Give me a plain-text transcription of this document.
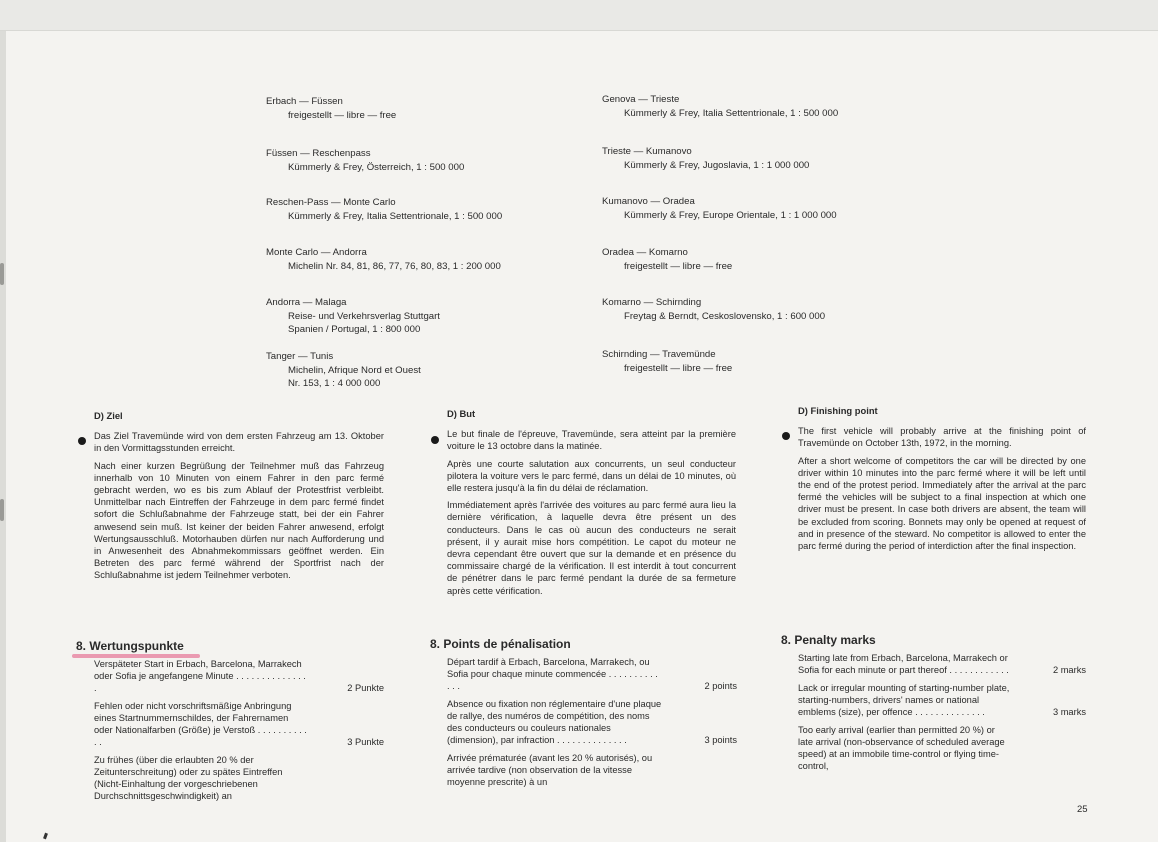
Erbach — Füssen
freigestellt — libre — free
Füssen — Reschenpass
Kümmerly & Frey, Österreich, 1 : 500 000
Reschen-Pass — Monte Carlo
Kümmerly & Frey, Italia Settentrionale, 1 : 500 000
Monte Carlo — Andorra
Michelin Nr. 84, 81, 86, 77, 76, 80, 83, 1 : 200 000
Andorra — Malaga
Reise- und Verkehrsverlag Stuttgart
Spanien / Portugal, 1 : 800 000
Tanger — Tunis
Michelin, Afrique Nord et Ouest
Nr. 153, 1 : 4 000 000
Genova — Trieste
Kümmerly & Frey, Italia Settentrionale, 1 : 500 000
Trieste — Kumanovo
Kümmerly & Frey, Jugoslavia, 1 : 1 000 000
Kumanovo — Oradea
Kümmerly & Frey, Europe Orientale, 1 : 1 000 000
Oradea — Komarno
freigestellt — libre — free
Komarno — Schirnding
Freytag & Berndt, Ceskoslovensko, 1 : 600 000
Schirnding — Travemünde
freigestellt — libre — free
D) Ziel

Das Ziel Travemünde wird von dem ersten Fahrzeug am 13. Oktober in den Vormittagsstunden erreicht.

Nach einer kurzen Begrüßung der Teilnehmer muß das Fahrzeug innerhalb von 10 Minuten von einem Fahrer in den parc fermé gebracht werden, wo es bis zum Ablauf der Protestfrist verbleibt. Unmittelbar nach Eintreffen der Fahrzeuge in dem parc fermé findet sofort die Schlußabnahme der Fahrzeuge statt, bei der ein Fahrer anwesend sein muß. Ist keiner der beiden Fahrer anwesend, erfolgt Wertungsausschluß. Motorhauben dürfen nur nach Aufforderung und in Anwesenheit des Abnahmekommissars geöffnet werden. Ein Betreten des parc fermé während der Sportfrist nach der Schlußabnahme ist jedem Teilnehmer verboten.

D) But

Le but finale de l'épreuve, Travemünde, sera atteint par la première voiture le 13 octobre dans la matinée.

Après une courte salutation aux concurrents, un seul conducteur pilotera la voiture vers le parc fermé, dans un délai de 10 minutes, où elle restera jusqu'à la fin du délai de réclamation.

Immédiatement après l'arrivée des voitures au parc fermé aura lieu la dernière vérification, à laquelle devra être présent un des conducteurs. Dans le cas où aucun des conducteurs ne serait présent, il y aurait mise hors compétition. Le capot du moteur ne devra cependant être ouvert que sur la demande et en présence du commissaire chargé de la vérification. Il est interdit à tout concurrent de pénétrer dans le parc fermé pendant la durée de sa fermeture après cette vérification.

D) Finishing point

The first vehicle will probably arrive at the finishing point of Travemünde on October 13th, 1972, in the morning.

After a short welcome of competitors the car will be directed by one driver within 10 minutes into the parc fermé where it will be left until the end of the protest period. Immediately after the arrival at the parc fermé the vehicles will be subject to a final inspection at which one driver must be present. In case both drivers are absent, the team will be excluded from scoring. Bonnets may only be opened at request of and in presence of the steward. No competitor is allowed to enter the parc fermé during the period of interdiction after the final inspection.

8. Wertungspunkte	8. Points de pénalisation	8. Penalty marks
Verspäteter Start in Erbach, Barcelona, Marrakech oder Sofia je angefangene Minute . . . . . . . . . . . . . . .	2 Punkte
Fehlen oder nicht vorschriftsmäßige Anbringung eines Startnummernschildes, der Fahrernamen oder Nationalfarben (Größe) je Verstoß . . . . . . . . . . . .	3 Punkte
Zu frühes (über die erlaubten 20 % der Zeitunterschreitung) oder zu spätes Eintreffen (Nicht-Einhaltung der vorgeschriebenen Durchschnittsgeschwindigkeit) an
Départ tardif à Erbach, Barcelona, Marrakech, ou Sofia pour chaque minute commencée . . . . . . . . . . . . .	2 points
Absence ou fixation non réglementaire d'une plaque de rallye, des numéros de compétition, des noms des conducteurs ou couleurs nationales (dimension), par infraction . . . . . . . . . . . . . .	3 points
Arrivée prématurée (avant les 20 % autorisés), ou arrivée tardive (non observation de la vitesse moyenne prescrite) à un
Starting late from Erbach, Barcelona, Marrakech or Sofia for each minute or part thereof . . . . . . . . . . . .	2 marks
Lack or irregular mounting of starting-number plate, starting-numbers, drivers' names or national emblems (size), per offence . . . . . . . . . . . . . .	3 marks
Too early arrival (earlier than permitted 20 %) or late arrival (non-observance of scheduled average speed) at an immobile time-control or flying time-control,
25
